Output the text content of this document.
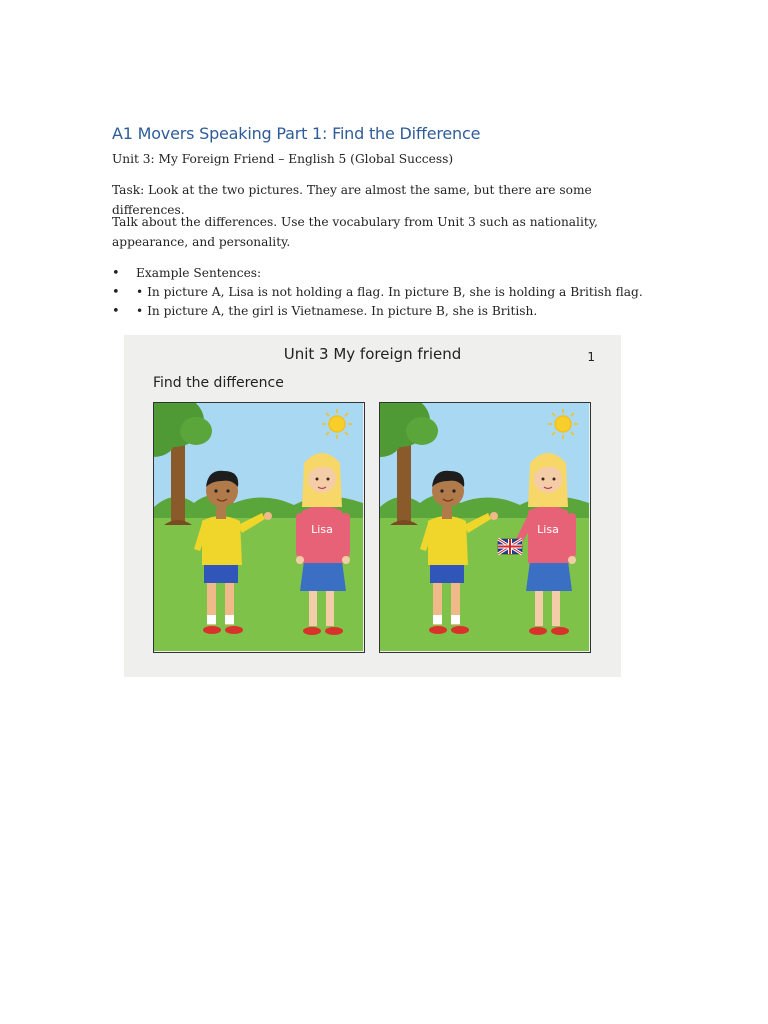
A1 Movers Speaking Part 1: Find the Difference

Unit 3: My Foreign Friend – English 5 (Global Success)

Task: Look at the two pictures. They are almost the same, but there are some differences.

Talk about the differences. Use the vocabulary from Unit 3 such as nationality, appearance, and personality.

• Example Sentences:
• • In picture A, Lisa is not holding a flag. In picture B, she is holding a British flag.
• • In picture A, the girl is Vietnamese. In picture B, she is British.
Unit 3 My foreign friend	1
Find the difference
Lisa	Lisa
